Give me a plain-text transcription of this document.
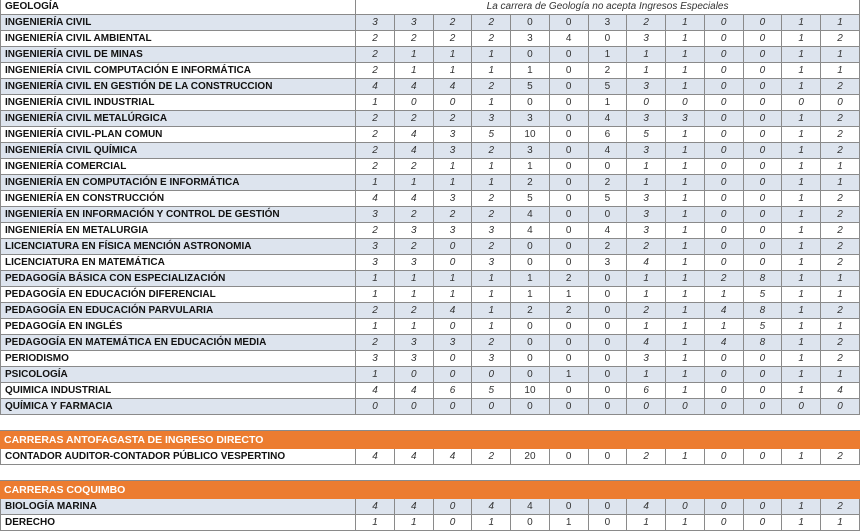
GEOLOGÍA	La carrera de Geología no acepta Ingresos Especiales												
INGENIERÍA CIVIL	3	3	2	2	0	0	3	2	1	0	0	1	1
INGENIERÍA CIVIL AMBIENTAL	2	2	2	2	3	4	0	3	1	0	0	1	2
INGENIERÍA CIVIL DE MINAS	2	1	1	1	0	0	1	1	1	0	0	1	1
INGENIERÍA CIVIL COMPUTACIÓN E INFORMÁTICA	2	1	1	1	1	0	2	1	1	0	0	1	1
INGENIERÍA CIVIL EN GESTIÓN DE LA CONSTRUCCION	4	4	4	2	5	0	5	3	1	0	0	1	2
INGENIERÍA CIVIL INDUSTRIAL	1	0	0	1	0	0	1	0	0	0	0	0	0
INGENIERÍA CIVIL METALÚRGICA	2	2	2	3	3	0	4	3	3	0	0	1	2
INGENIERÍA CIVIL-PLAN COMUN	2	4	3	5	10	0	6	5	1	0	0	1	2
INGENIERÍA CIVIL QUÍMICA	2	4	3	2	3	0	4	3	1	0	0	1	2
INGENIERÍA COMERCIAL	2	2	1	1	1	0	0	1	1	0	0	1	1
INGENIERÍA EN COMPUTACIÓN E INFORMÁTICA	1	1	1	1	2	0	2	1	1	0	0	1	1
INGENIERÍA EN CONSTRUCCIÓN	4	4	3	2	5	0	5	3	1	0	0	1	2
INGENIERÍA EN INFORMACIÓN Y CONTROL DE GESTIÓN	3	2	2	2	4	0	0	3	1	0	0	1	2
INGENIERÍA EN METALURGIA	2	3	3	3	4	0	4	3	1	0	0	1	2
LICENCIATURA EN FÍSICA MENCIÓN ASTRONOMIA	3	2	0	2	0	0	2	2	1	0	0	1	2
LICENCIATURA EN MATEMÁTICA	3	3	0	3	0	0	3	4	1	0	0	1	2
PEDAGOGÍA BÁSICA CON ESPECIALIZACIÓN	1	1	1	1	1	2	0	1	1	2	8	1	1
PEDAGOGÍA EN EDUCACIÓN DIFERENCIAL	1	1	1	1	1	1	0	1	1	1	5	1	1
PEDAGOGÍA EN EDUCACIÓN PARVULARIA	2	2	4	1	2	2	0	2	1	4	8	1	2
PEDAGOGÍA EN INGLÉS	1	1	0	1	0	0	0	1	1	1	5	1	1
PEDAGOGÍA EN MATEMÁTICA EN EDUCACIÓN MEDIA	2	3	3	2	0	0	0	4	1	4	8	1	2
PERIODISMO	3	3	0	3	0	0	0	3	1	0	0	1	2
PSICOLOGÍA	1	0	0	0	0	1	0	1	1	0	0	1	1
QUIMICA INDUSTRIAL	4	4	6	5	10	0	0	6	1	0	0	1	4
QUÍMICA Y FARMACIA	0	0	0	0	0	0	0	0	0	0	0	0	0

CARRERAS ANTOFAGASTA DE INGRESO DIRECTO													
CONTADOR AUDITOR-CONTADOR PÚBLICO VESPERTINO	4	4	4	2	20	0	0	2	1	0	0	1	2

CARRERAS COQUIMBO													
BIOLOGÍA MARINA	4	4	0	4	4	0	0	4	0	0	0	1	2
DERECHO	1	1	0	1	0	1	0	1	1	0	0	1	1
